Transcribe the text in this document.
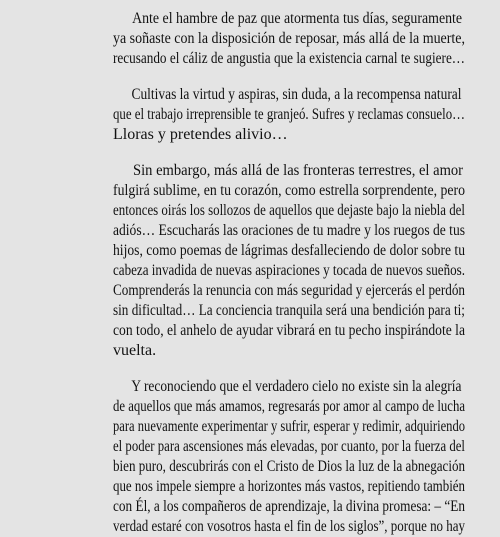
Ante el hambre de paz que atormenta tus días, seguramente
ya soñaste con la disposición de reposar, más allá de la muerte,
recusando el cáliz de angustia que la existencia carnal te sugiere…
Cultivas la virtud y aspiras, sin duda, a la recompensa natural
que el trabajo irreprensible te granjeó. Sufres y reclamas consuelo…
Lloras y pretendes alivio…
Sin embargo, más allá de las fronteras terrestres, el amor
fulgirá sublime, en tu corazón, como estrella sorprendente, pero
entonces oirás los sollozos de aquellos que dejaste bajo la niebla del
adiós… Escucharás las oraciones de tu madre y los ruegos de tus
hijos, como poemas de lágrimas desfalleciendo de dolor sobre tu
cabeza invadida de nuevas aspiraciones y tocada de nuevos sueños.
Comprenderás la renuncia con más seguridad y ejercerás el perdón
sin dificultad… La conciencia tranquila será una bendición para ti;
con todo, el anhelo de ayudar vibrará en tu pecho inspirándote la
vuelta.
Y reconociendo que el verdadero cielo no existe sin la alegría
de aquellos que más amamos, regresarás por amor al campo de lucha
para nuevamente experimentar y sufrir, esperar y redimir, adquiriendo
el poder para ascensiones más elevadas, por cuanto, por la fuerza del
bien puro, descubrirás con el Cristo de Dios la luz de la abnegación
que nos impele siempre a horizontes más vastos, repitiendo también
con Él, a los compañeros de aprendizaje, la divina promesa: – “En
verdad estaré con vosotros hasta el fin de los siglos”, porque no hay
